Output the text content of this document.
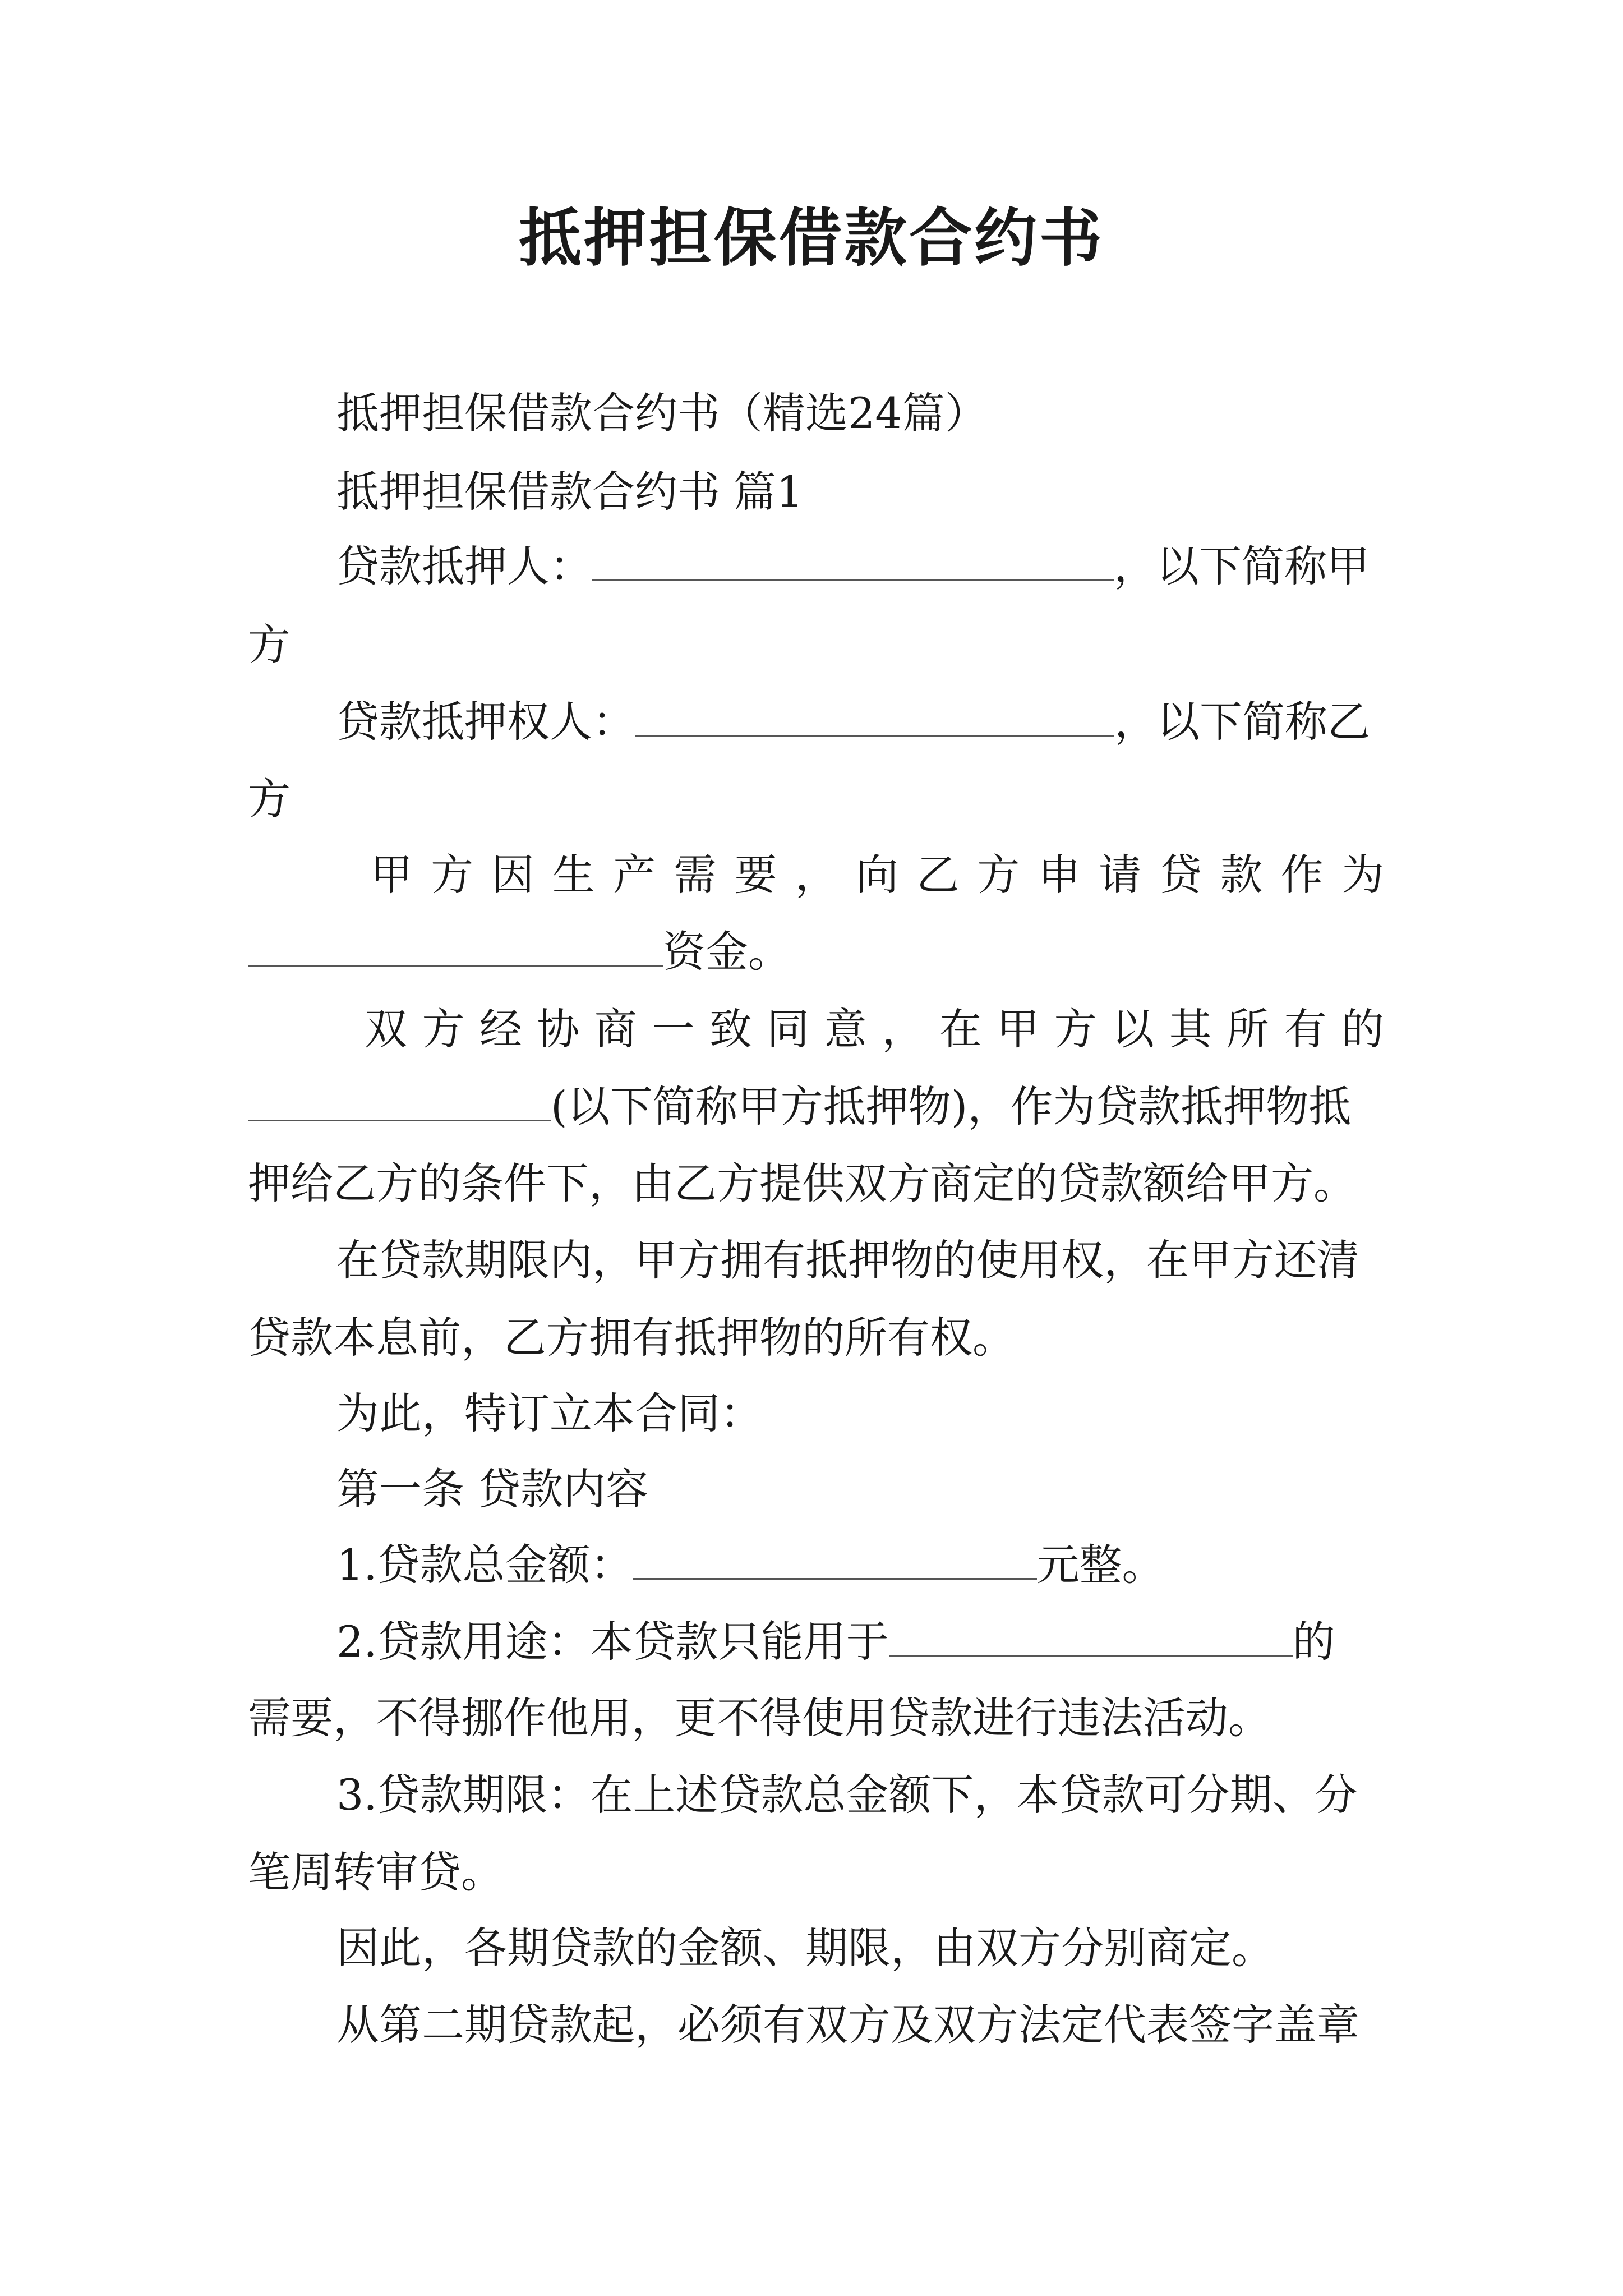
抵押担保借款合约书
抵押担保借款合约书（精选24篇）
抵押担保借款合约书 篇1
贷款抵押人：	，以下简称甲
方
贷款抵押权人：	，以下简称乙
方
甲 方 因 生 产 需 要 ， 向 乙 方 申 请 贷 款 作 为
资金。
双 方 经 协 商 一 致 同 意 ， 在 甲 方 以 其 所 有 的
(以下简称甲方抵押物)，作为贷款抵押物抵
押给乙方的条件下，由乙方提供双方商定的贷款额给甲方。
在贷款期限内，甲方拥有抵押物的使用权，在甲方还清
贷款本息前，乙方拥有抵押物的所有权。
为此，特订立本合同：
第一条 贷款内容
1.贷款总金额：	元整。
2.贷款用途：本贷款只能用于	的
需要，不得挪作他用，更不得使用贷款进行违法活动。
3.贷款期限：在上述贷款总金额下，本贷款可分期、分
笔周转审贷。
因此，各期贷款的金额、期限，由双方分别商定。
从第二期贷款起，必须有双方及双方法定代表签字盖章
